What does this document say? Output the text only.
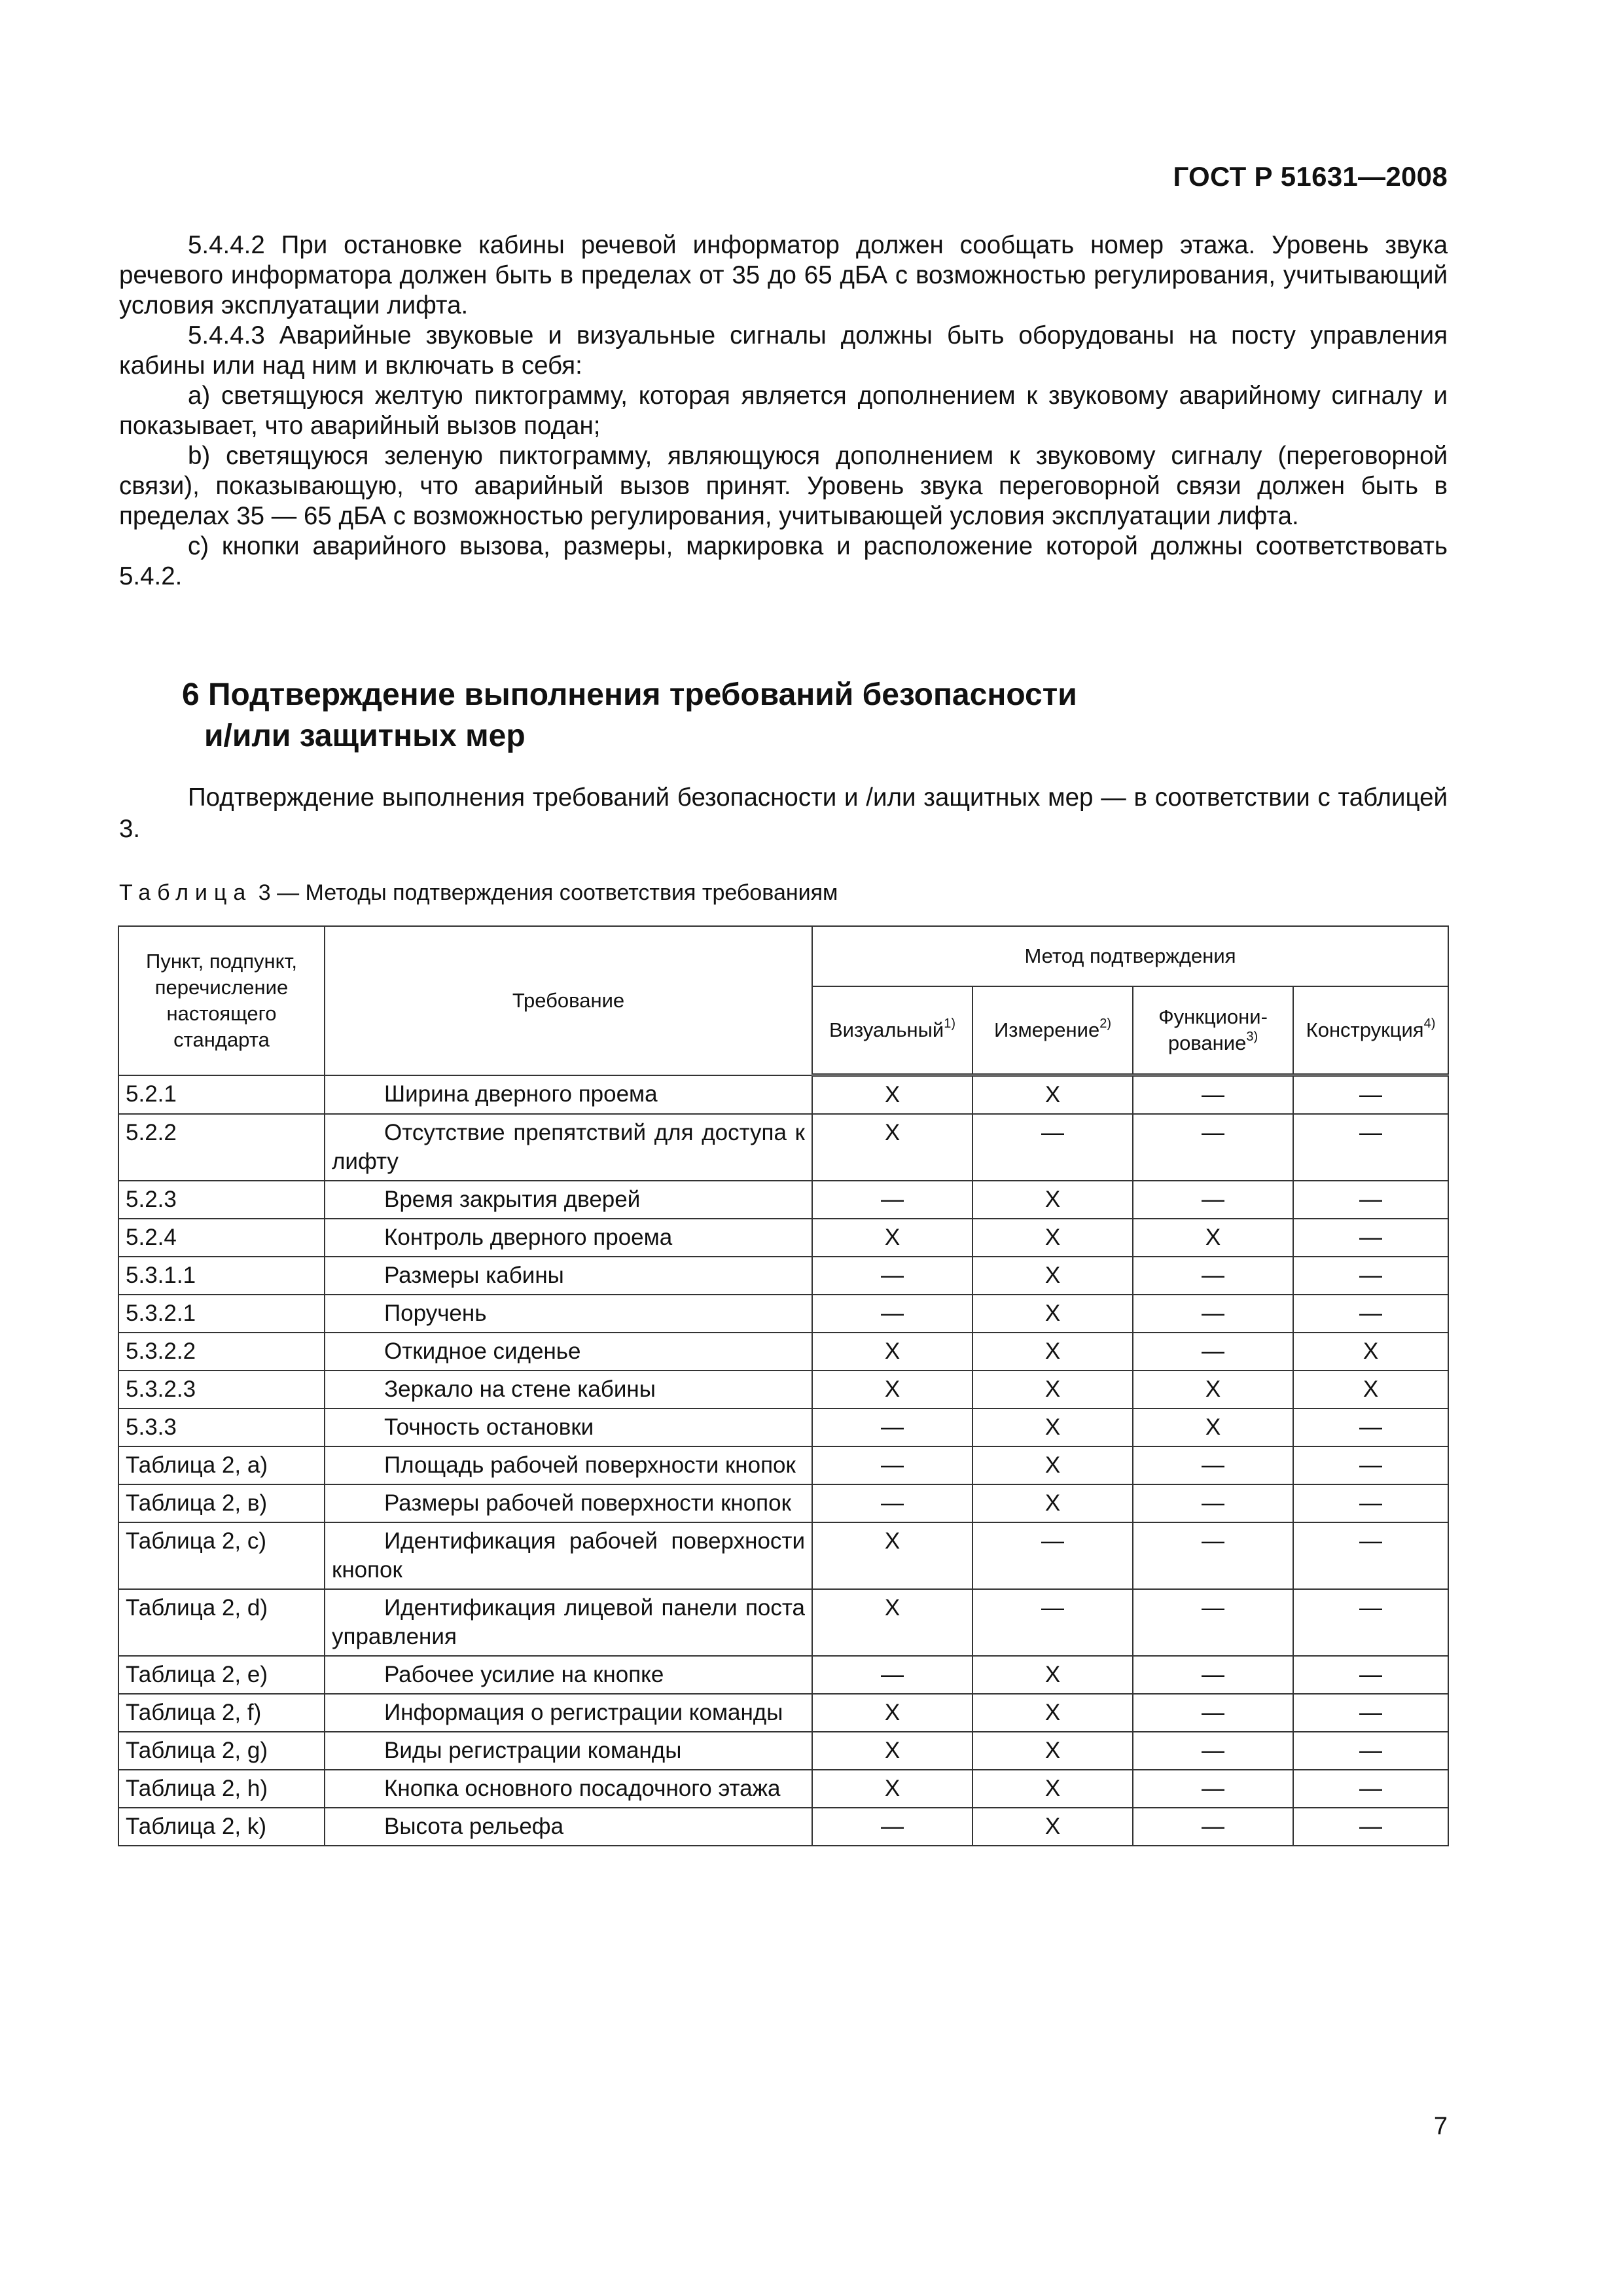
ГОСТ Р 51631—2008

5.4.4.2 При остановке кабины речевой информатор должен сообщать номер этажа. Уровень звука речевого информатора должен быть в пределах от 35 до 65 дБА с возможностью регулирования, учитывающий условия эксплуатации лифта.

5.4.4.3 Аварийные звуковые и визуальные сигналы должны быть оборудованы на посту управления кабины или над ним и включать в себя:

a) светящуюся желтую пиктограмму, которая является дополнением к звуковому аварийному сигналу и показывает, что аварийный вызов подан;

b) светящуюся зеленую пиктограмму, являющуюся дополнением к звуковому сигналу (переговорной связи), показывающую, что аварийный вызов принят. Уровень звука переговорной связи должен быть в пределах 35 — 65 дБА с возможностью регулирования, учитывающей условия эксплуатации лифта.

c) кнопки аварийного вызова, размеры, маркировка и расположение которой должны соответствовать 5.4.2.

6 Подтверждение выполнения требований безопасности
и/или защитных мер

Подтверждение выполнения требований безопасности и /или защитных мер — в соответствии с таблицей 3.

Таблица 3 — Методы подтверждения соответствия требованиям
Пункт, подпункт, перечисление настоящего стандарта	Требование	Метод подтверждения			
		Визуальный$^{1)}$	Измерение$^{2)}$	Функциони-рование$^{3)}$	Конструкция$^{4)}$
5.2.1	Ширина дверного проема	X	X	—	—
5.2.2	Отсутствие препятствий для доступа к лифту	X	—	—	—
5.2.3	Время закрытия дверей	—	X	—	—
5.2.4	Контроль дверного проема	X	X	X	—
5.3.1.1	Размеры кабины	—	X	—	—
5.3.2.1	Поручень	—	X	—	—
5.3.2.2	Откидное сиденье	X	X	—	X
5.3.2.3	Зеркало на стене кабины	X	X	X	X
5.3.3	Точность остановки	—	X	X	—
Таблица 2, а)	Площадь рабочей поверхности кнопок	—	X	—	—
Таблица 2, в)	Размеры рабочей поверхности кнопок	—	X	—	—
Таблица 2, с)	Идентификация рабочей поверхности кнопок	X	—	—	—
Таблица 2, d)	Идентификация лицевой панели поста управления	X	—	—	—
Таблица 2, е)	Рабочее усилие на кнопке	—	X	—	—
Таблица 2, f)	Информация о регистрации команды	X	X	—	—
Таблица 2, g)	Виды регистрации команды	X	X	—	—
Таблица 2, h)	Кнопка основного посадочного этажа	X	X	—	—
Таблица 2, k)	Высота рельефа	—	X	—	—
7
